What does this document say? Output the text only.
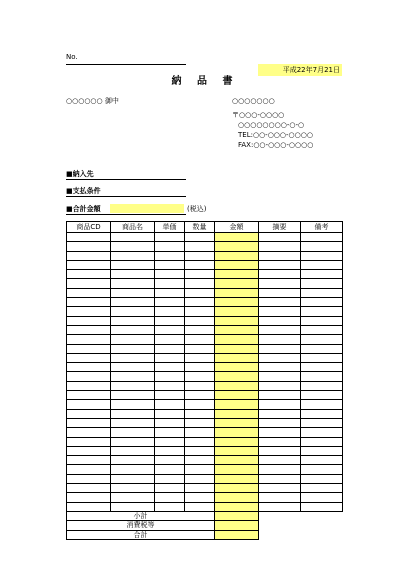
No.
平成22年7月21日
納 品 書
○○○○○○ 御中	○○○○○○○
〒○○○-○○○○
○○○○○○○○-○-○
TEL:○○-○○○-○○○○
FAX:○○-○○○-○○○○
■納入先
■支払条件
■合計金額	(税込)
商品CD	商品名	単価	数量	金額	摘要	備考

小計						
消費税等						
合計						
